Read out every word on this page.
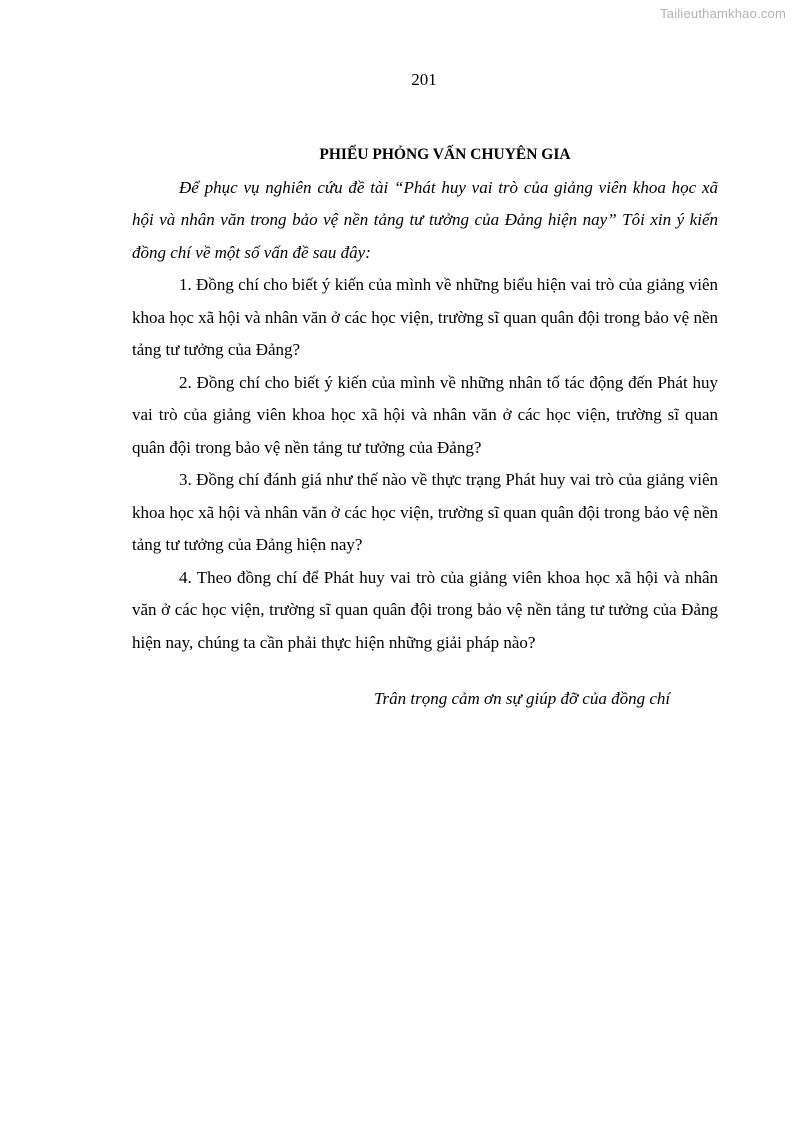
Tailieuthamkhao.com
201

PHIẾU PHỎNG VẤN CHUYÊN GIA

Để phục vụ nghiên cứu đề tài “Phát huy vai trò của giảng viên khoa học xã hội và nhân văn trong bảo vệ nền tảng tư tưởng của Đảng hiện nay” Tôi xin ý kiến đồng chí về một số vấn đề sau đây:

1. Đồng chí cho biết ý kiến của mình về những biểu hiện vai trò của giảng viên khoa học xã hội và nhân văn ở các học viện, trường sĩ quan quân đội trong bảo vệ nền tảng tư tưởng của Đảng?

2. Đồng chí cho biết ý kiến của mình về những nhân tố tác động đến Phát huy vai trò của giảng viên khoa học xã hội và nhân văn ở các học viện, trường sĩ quan quân đội trong bảo vệ nền tảng tư tưởng của Đảng?

3. Đồng chí đánh giá như thế nào về thực trạng Phát huy vai trò của giảng viên khoa học xã hội và nhân văn ở các học viện, trường sĩ quan quân đội trong bảo vệ nền tảng tư tưởng của Đảng hiện nay?

4. Theo đồng chí để Phát huy vai trò của giảng viên khoa học xã hội và nhân văn ở các học viện, trường sĩ quan quân đội trong bảo vệ nền tảng tư tưởng của Đảng hiện nay, chúng ta cần phải thực hiện những giải pháp nào?

Trân trọng cảm ơn sự giúp đỡ của đồng chí
